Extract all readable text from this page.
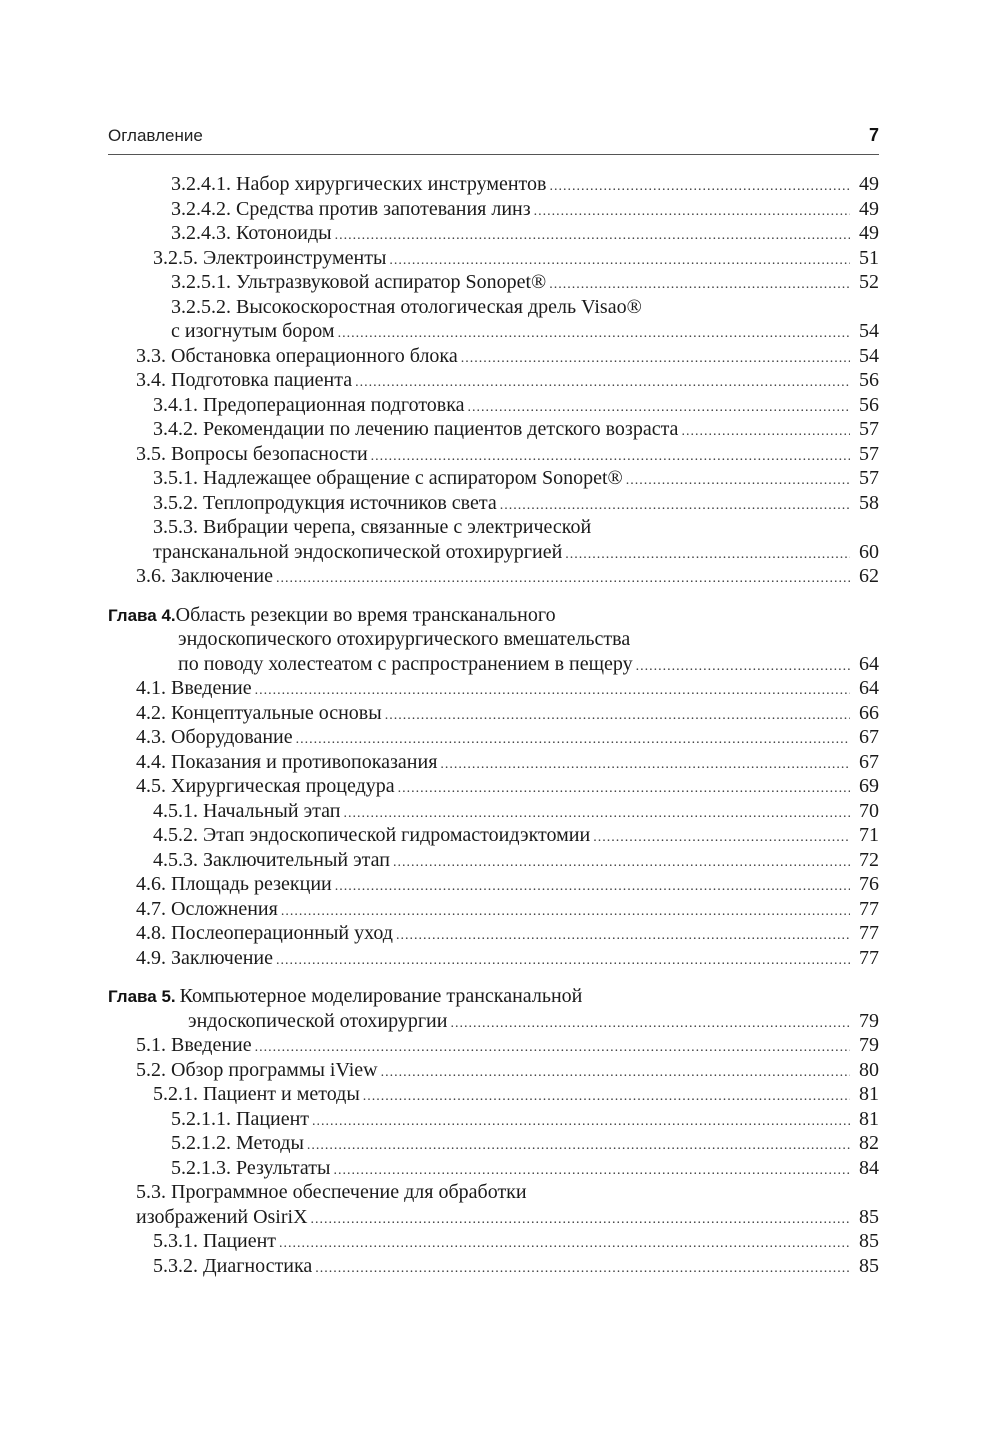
Оглавление	7
3.2.4.1. Набор хирургических инструментов .....	49
3.2.4.2. Средства против запотевания линз .....	49
3.2.4.3. Котоноиды .....	49
3.2.5. Электроинструменты .....	51
3.2.5.1. Ультразвуковой аспиратор Sonopet® .....	52
3.2.5.2. Высокоскоростная отологическая дрель Visao®
с изогнутым бором .....	54
3.3. Обстановка операционного блока .....	54
3.4. Подготовка пациента .....	56
3.4.1. Предоперационная подготовка .....	56
3.4.2. Рекомендации по лечению пациентов детского возраста .....	57
3.5. Вопросы безопасности .....	57
3.5.1. Надлежащее обращение с аспиратором Sonopet® .....	57
3.5.2. Теплопродукция источников света .....	58
3.5.3. Вибрации черепа, связанные с электрической
трансканальной эндоскопической отохирургией .....	60
3.6. Заключение .....	62
Глава 4. Область резекции во время трансканального
эндоскопического отохирургического вмешательства
по поводу холестеатом с распространением в пещеру .....	64
4.1. Введение .....	64
4.2. Концептуальные основы .....	66
4.3. Оборудование .....	67
4.4. Показания и противопоказания .....	67
4.5. Хирургическая процедура .....	69
4.5.1. Начальный этап .....	70
4.5.2. Этап эндоскопической гидромастоидэктомии .....	71
4.5.3. Заключительный этап .....	72
4.6. Площадь резекции .....	76
4.7. Осложнения .....	77
4.8. Послеоперационный уход .....	77
4.9. Заключение .....	77
Глава 5. Компьютерное моделирование трансканальной
эндоскопической отохирургии .....	79
5.1. Введение .....	79
5.2. Обзор программы iView .....	80
5.2.1. Пациент и методы .....	81
5.2.1.1. Пациент .....	81
5.2.1.2. Методы .....	82
5.2.1.3. Результаты .....	84
5.3. Программное обеспечение для обработки
изображений OsiriX .....	85
5.3.1. Пациент .....	85
5.3.2. Диагностика .....	85
